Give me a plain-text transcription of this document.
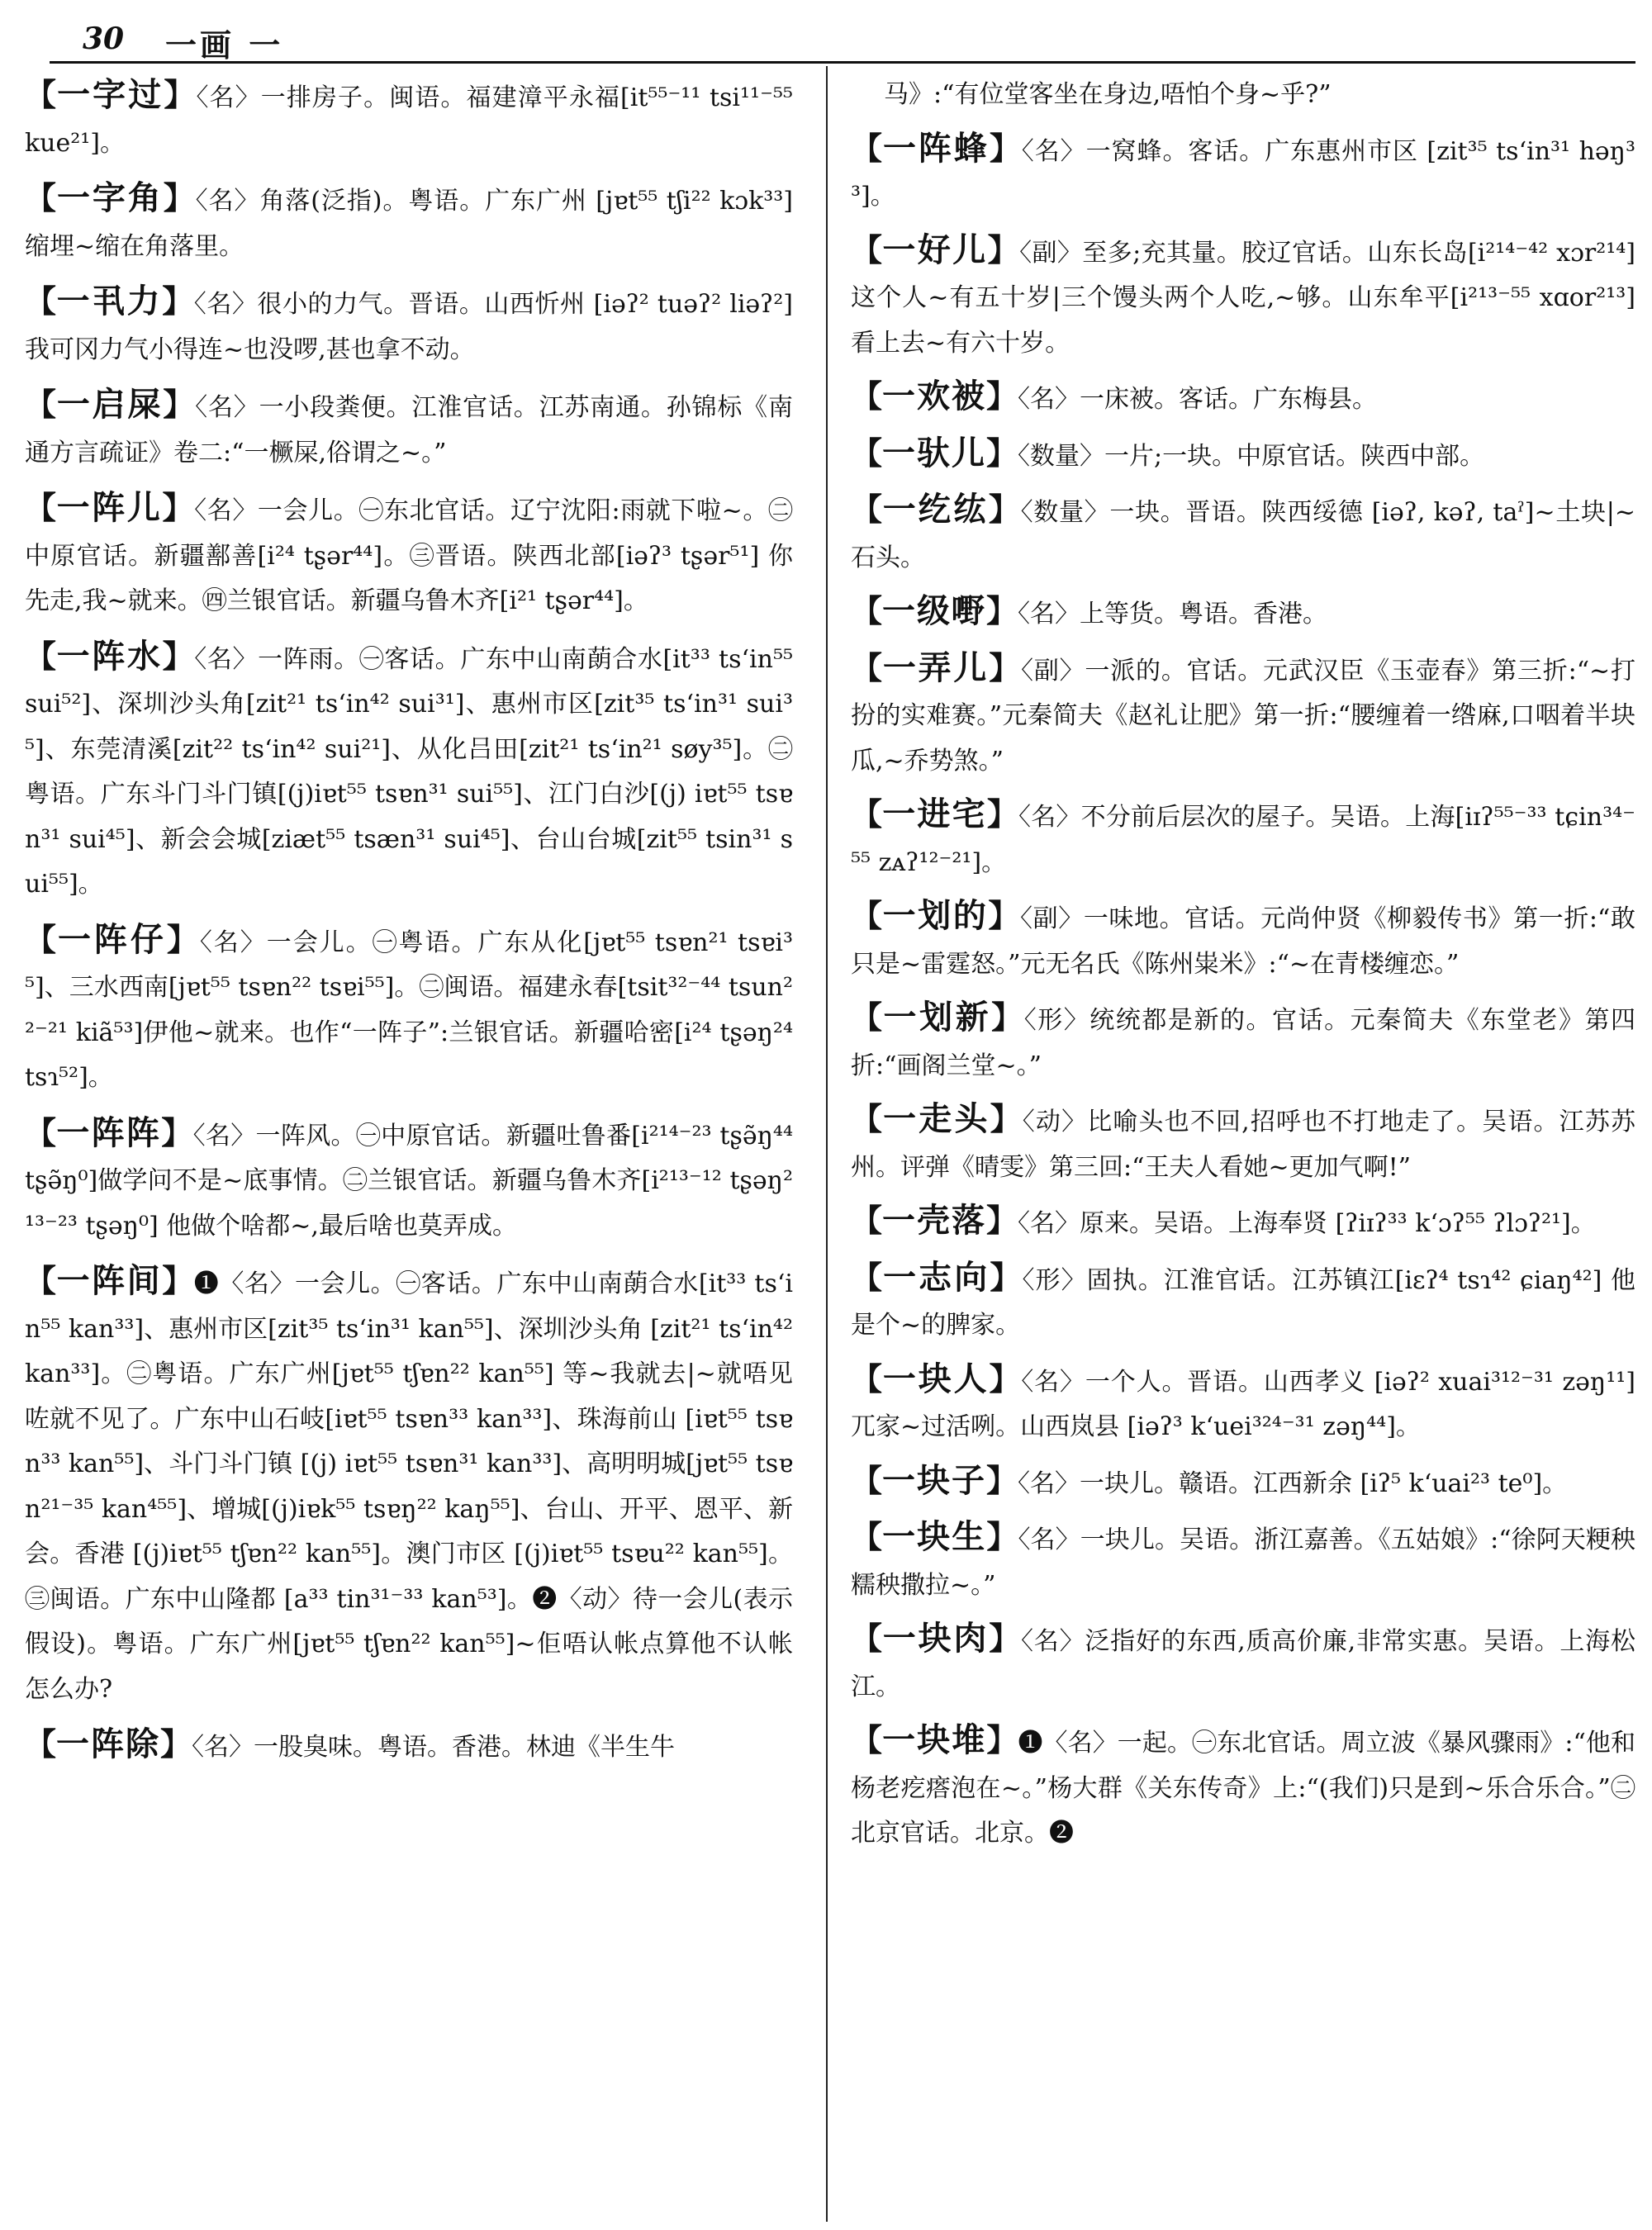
30 一画 一

【一字过】〈名〉一排房子。闽语。福建漳平永福[it⁵⁵⁻¹¹ tsi¹¹⁻⁵⁵ kue²¹]。

【一字角】〈名〉角落(泛指)。粤语。广东广州 [jɐt⁵⁵ tʃi²² kɔk³³] 缩埋~缩在角落里。

【一丮力】〈名〉很小的力气。晋语。山西忻州 [iəʔ² tuəʔ² liəʔ²] 我可冈力气小得连~也没啰,甚也拿不动。

【一启屎】〈名〉一小段粪便。江淮官话。江苏南通。孙锦标《南通方言疏证》卷二:“一橛屎,俗谓之~。”

【一阵儿】〈名〉一会儿。㊀东北官话。辽宁沈阳:雨就下啦~。㊁中原官话。新疆鄯善[i²⁴ tʂər⁴⁴]。㊂晋语。陕西北部[iəʔ³ tʂər⁵¹] 你先走,我~就来。㊃兰银官话。新疆乌鲁木齐[i²¹ tʂər⁴⁴]。

【一阵水】〈名〉一阵雨。㊀客话。广东中山南蓢合水[it³³ tsʻin⁵⁵ sui⁵²]、深圳沙头角[zit²¹ tsʻin⁴² sui³¹]、惠州市区[zit³⁵ tsʻin³¹ sui³⁵]、东莞清溪[zit²² tsʻin⁴² sui²¹]、从化吕田[zit²¹ tsʻin²¹ søy³⁵]。㊁粤语。广东斗门斗门镇[(j)iɐt⁵⁵ tsɐn³¹ sui⁵⁵]、江门白沙[(j) iɐt⁵⁵ tsɐn³¹ sui⁴⁵]、新会会城[ziæt⁵⁵ tsæn³¹ sui⁴⁵]、台山台城[zit⁵⁵ tsin³¹ sui⁵⁵]。

【一阵仔】〈名〉一会儿。㊀粤语。广东从化[jɐt⁵⁵ tsɐn²¹ tsɐi³⁵]、三水西南[jɐt⁵⁵ tsɐn²² tsɐi⁵⁵]。㊁闽语。福建永春[tsit³²⁻⁴⁴ tsun²²⁻²¹ kiã⁵³]伊他~就来。也作“一阵子”:兰银官话。新疆哈密[i²⁴ tʂəŋ²⁴ tsɿ⁵²]。

【一阵阵】〈名〉一阵风。㊀中原官话。新疆吐鲁番[i²¹⁴⁻²³ tʂə̃ŋ⁴⁴ tʂə̃ŋ⁰]做学问不是~底事情。㊁兰银官话。新疆乌鲁木齐[i²¹³⁻¹² tʂəŋ²¹³⁻²³ tʂəŋ⁰] 他做个啥都~,最后啥也莫弄成。

【一阵间】❶〈名〉一会儿。㊀客话。广东中山南蓢合水[it³³ tsʻin⁵⁵ kan³³]、惠州市区[zit³⁵ tsʻin³¹ kan⁵⁵]、深圳沙头角 [zit²¹ tsʻin⁴² kan³³]。㊁粤语。广东广州[jɐt⁵⁵ tʃɐn²² kan⁵⁵] 等~我就去|~就唔见咗就不见了。广东中山石岐[iɐt⁵⁵ tsɐn³³ kan³³]、珠海前山 [iɐt⁵⁵ tsɐn³³ kan⁵⁵]、斗门斗门镇 [(j) iɐt⁵⁵ tsɐn³¹ kan³³]、高明明城[jɐt⁵⁵ tsɐn²¹⁻³⁵ kan⁴⁵⁵]、增城[(j)iɐk⁵⁵ tsɐŋ²² kaŋ⁵⁵]、台山、开平、恩平、新会。香港 [(j)iɐt⁵⁵ tʃɐn²² kan⁵⁵]。澳门市区 [(j)iɐt⁵⁵ tsɐu²² kan⁵⁵]。㊂闽语。广东中山隆都 [a³³ tin³¹⁻³³ kan⁵³]。❷〈动〉待一会儿(表示假设)。粤语。广东广州[jɐt⁵⁵ tʃɐn²² kan⁵⁵]~佢唔认帐点算他不认帐怎么办?

【一阵除】〈名〉一股臭味。粤语。香港。林迪《半生牛

马》:“有位堂客坐在身边,唔怕个身~乎?”

【一阵蜂】〈名〉一窝蜂。客话。广东惠州市区 [zit³⁵ tsʻin³¹ həŋ³³]。

【一好儿】〈副〉至多;充其量。胶辽官话。山东长岛[i²¹⁴⁻⁴² xɔr²¹⁴]这个人~有五十岁|三个馒头两个人吃,~够。山东牟平[i²¹³⁻⁵⁵ xɑor²¹³] 看上去~有六十岁。

【一欢被】〈名〉一床被。客话。广东梅县。

【一驮儿】〈数量〉一片;一块。中原官话。陕西中部。

【一纥纮】〈数量〉一块。晋语。陕西绥德 [iəʔ, kəʔ, taˀ]~土块|~石头。

【一级嘢】〈名〉上等货。粤语。香港。

【一弄儿】〈副〉一派的。官话。元武汉臣《玉壶春》第三折:“~打扮的实难赛。”元秦简夫《赵礼让肥》第一折:“腰缠着一绺麻,口咽着半块瓜,~乔势煞。”

【一进宅】〈名〉不分前后层次的屋子。吴语。上海[iɪʔ⁵⁵⁻³³ tɕin³⁴⁻⁵⁵ zᴀʔ¹²⁻²¹]。

【一划的】〈副〉一味地。官话。元尚仲贤《柳毅传书》第一折:“敢只是~雷霆怒。”元无名氏《陈州粜米》:“~在青楼缠恋。”

【一划新】〈形〉统统都是新的。官话。元秦简夫《东堂老》第四折:“画阁兰堂~。”

【一走头】〈动〉比喻头也不回,招呼也不打地走了。吴语。江苏苏州。评弹《晴雯》第三回:“王夫人看她~更加气啊!”

【一壳落】〈名〉原来。吴语。上海奉贤 [ʔiɪʔ³³ kʻɔʔ⁵⁵ ʔlɔʔ²¹]。

【一志向】〈形〉固执。江淮官话。江苏镇江[iɛʔ⁴ tsɿ⁴² ɕiaŋ⁴²] 他是个~的脾家。

【一块人】〈名〉一个人。晋语。山西孝义 [iəʔ² xuai³¹²⁻³¹ zəŋ¹¹] 兀家~过活咧。山西岚县 [iəʔ³ kʻuei³²⁴⁻³¹ zəŋ⁴⁴]。

【一块子】〈名〉一块儿。赣语。江西新余 [iʔ⁵ kʻuai²³ te⁰]。

【一块生】〈名〉一块儿。吴语。浙江嘉善。《五姑娘》:“徐阿天粳秧糯秧撒拉~。”

【一块肉】〈名〉泛指好的东西,质高价廉,非常实惠。吴语。上海松江。

【一块堆】❶〈名〉一起。㊀东北官话。周立波《暴风骤雨》:“他和杨老疙瘩泡在~。”杨大群《关东传奇》上:“(我们)只是到~乐合乐合。”㊁北京官话。北京。❷
